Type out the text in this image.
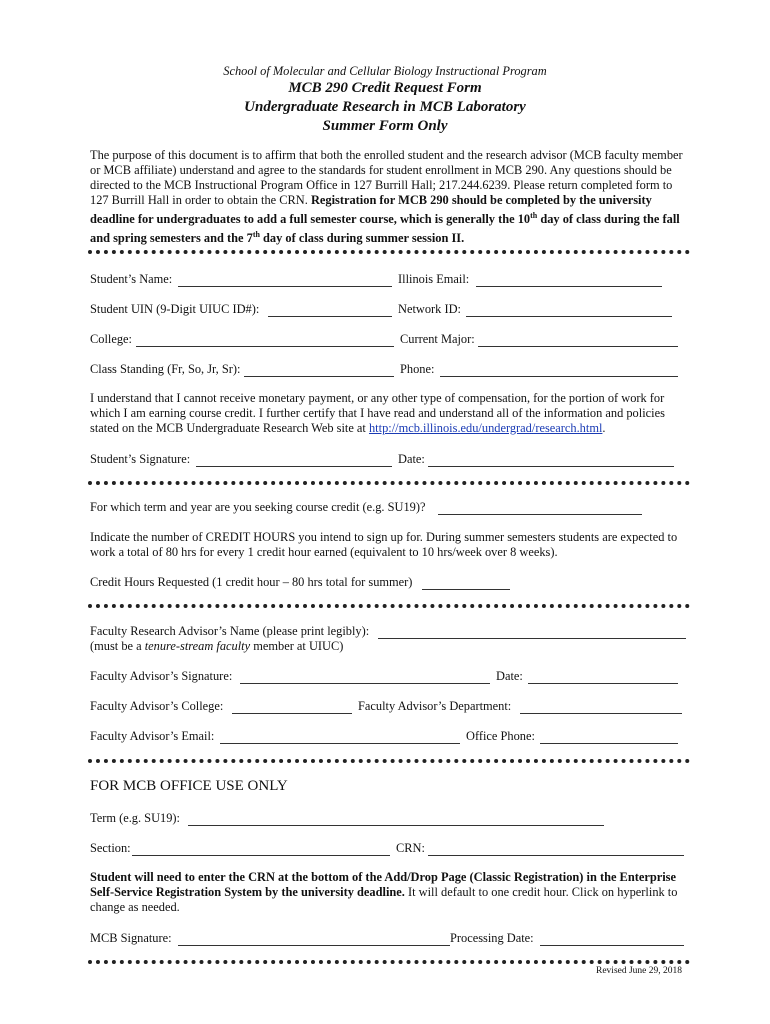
School of Molecular and Cellular Biology Instructional Program
MCB 290 Credit Request Form
Undergraduate Research in MCB Laboratory
Summer Form Only
The purpose of this document is to affirm that both the enrolled student and the research advisor (MCB faculty member or MCB affiliate) understand and agree to the standards for student enrollment in MCB 290. Any questions should be directed to the MCB Instructional Program Office in 127 Burrill Hall; 217.244.6239. Please return completed form to 127 Burrill Hall in order to obtain the CRN. Registration for MCB 290 should be completed by the university deadline for undergraduates to add a full semester course, which is generally the 10th day of class during the fall and spring semesters and the 7th day of class during summer session II.
Student’s Name:	Illinois Email:
Student UIN (9-Digit UIUC ID#):	Network ID:
College:	Current Major:
Class Standing (Fr, So, Jr, Sr):	Phone:
I understand that I cannot receive monetary payment, or any other type of compensation, for the portion of work for which I am earning course credit. I further certify that I have read and understand all of the information and policies stated on the MCB Undergraduate Research Web site at http://mcb.illinois.edu/undergrad/research.html.
Student’s Signature:	Date:
For which term and year are you seeking course credit (e.g. SU19)?
Indicate the number of CREDIT HOURS you intend to sign up for. During summer semesters students are expected to work a total of 80 hrs for every 1 credit hour earned (equivalent to 10 hrs/week over 8 weeks).
Credit Hours Requested (1 credit hour – 80 hrs total for summer)
Faculty Research Advisor’s Name (please print legibly):
(must be a tenure-stream faculty member at UIUC)
Faculty Advisor’s Signature:	Date:
Faculty Advisor’s College:	Faculty Advisor’s Department:
Faculty Advisor’s Email:	Office Phone:
FOR MCB OFFICE USE ONLY
Term (e.g. SU19):
Section:	CRN:
Student will need to enter the CRN at the bottom of the Add/Drop Page (Classic Registration) in the Enterprise Self-Service Registration System by the university deadline. It will default to one credit hour. Click on hyperlink to change as needed.
MCB Signature:	Processing Date:
Revised June 29, 2018
